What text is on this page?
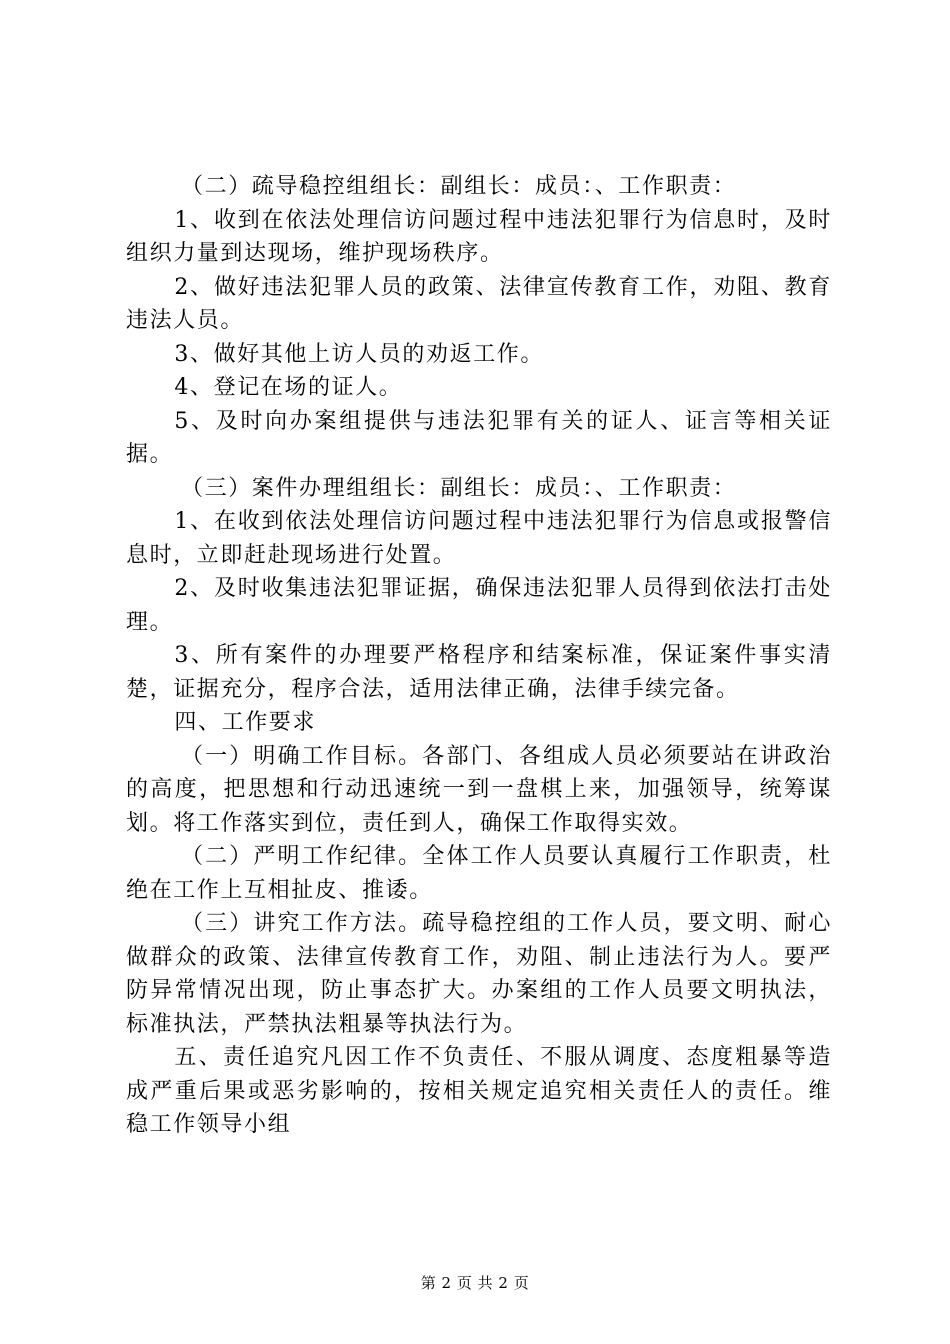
（二）疏导稳控组组长：副组长：成员：、工作职责：

1、收到在依法处理信访问题过程中违法犯罪行为信息时，及时组织力量到达现场，维护现场秩序。

2、做好违法犯罪人员的政策、法律宣传教育工作，劝阻、教育违法人员。

3、做好其他上访人员的劝返工作。

4、登记在场的证人。

5、及时向办案组提供与违法犯罪有关的证人、证言等相关证据。

（三）案件办理组组长：副组长：成员：、工作职责：

1、在收到依法处理信访问题过程中违法犯罪行为信息或报警信息时，立即赶赴现场进行处置。

2、及时收集违法犯罪证据，确保违法犯罪人员得到依法打击处理。

3、所有案件的办理要严格程序和结案标准，保证案件事实清楚，证据充分，程序合法，适用法律正确，法律手续完备。

四、工作要求

（一）明确工作目标。各部门、各组成人员必须要站在讲政治的高度，把思想和行动迅速统一到一盘棋上来，加强领导，统筹谋划。将工作落实到位，责任到人，确保工作取得实效。

（二）严明工作纪律。全体工作人员要认真履行工作职责，杜绝在工作上互相扯皮、推诿。

（三）讲究工作方法。疏导稳控组的工作人员，要文明、耐心做群众的政策、法律宣传教育工作，劝阻、制止违法行为人。要严防异常情况出现，防止事态扩大。办案组的工作人员要文明执法，标准执法，严禁执法粗暴等执法行为。

五、责任追究凡因工作不负责任、不服从调度、态度粗暴等造成严重后果或恶劣影响的，按相关规定追究相关责任人的责任。维稳工作领导小组

第 2 页 共 2 页
